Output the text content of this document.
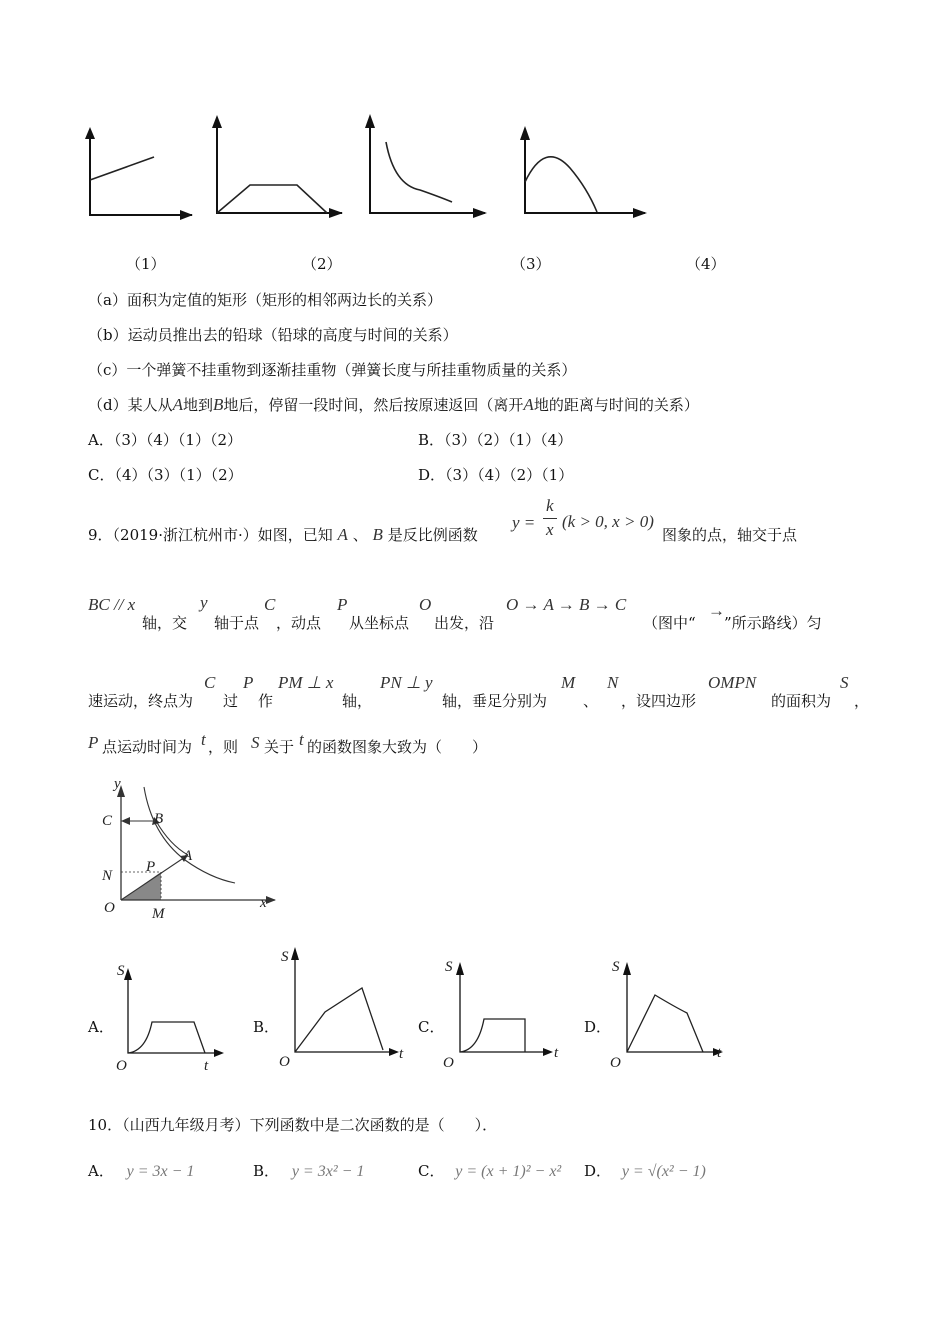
（1）	（2）	（3）	（4）
（a）面积为定值的矩形（矩形的相邻两边长的关系）
（b）运动员推出去的铅球（铅球的高度与时间的关系）
（c）一个弹簧不挂重物到逐渐挂重物（弹簧长度与所挂重物质量的关系）
（d）某人从A地到B地后，停留一段时间，然后按原速返回（离开A地的距离与时间的关系）
A．（3）（4）（1）（2）	B．（3）（2）（1）（4）
C．（4）（3）（1）（2）	D．（3）（4）（2）（1）
9．（2019·浙江杭州市·）如图，已知 A 、 B 是反比例函数
y =
k
x (k > 0, x > 0)
图象的点，轴交于点
BC // x
轴，交
y
轴于点
C
，动点
P
从坐标点
O
出发，沿
O → A → B → C
（图中“
→
”所示路线）匀
速运动，终点为
C
过
P
作
PM ⊥ x
轴，
PN ⊥ y
轴，垂足分别为
M
、
N
，设四边形
OMPN
的面积为
S
，
P 点运动时间为 t ，则 S 关于 t 的函数图象大致为（　　）
y
x
C	B
A
P
N
O M
A．
S
O	t
B．
S
O	t
C．
S
O
t
D．
S
O
t
10．（山西九年级月考）下列函数中是二次函数的是（　　）．
A． y = 3x − 1	B． y = 3x² − 1	C． y = (x + 1)² − x² D． y = √(x² − 1)
